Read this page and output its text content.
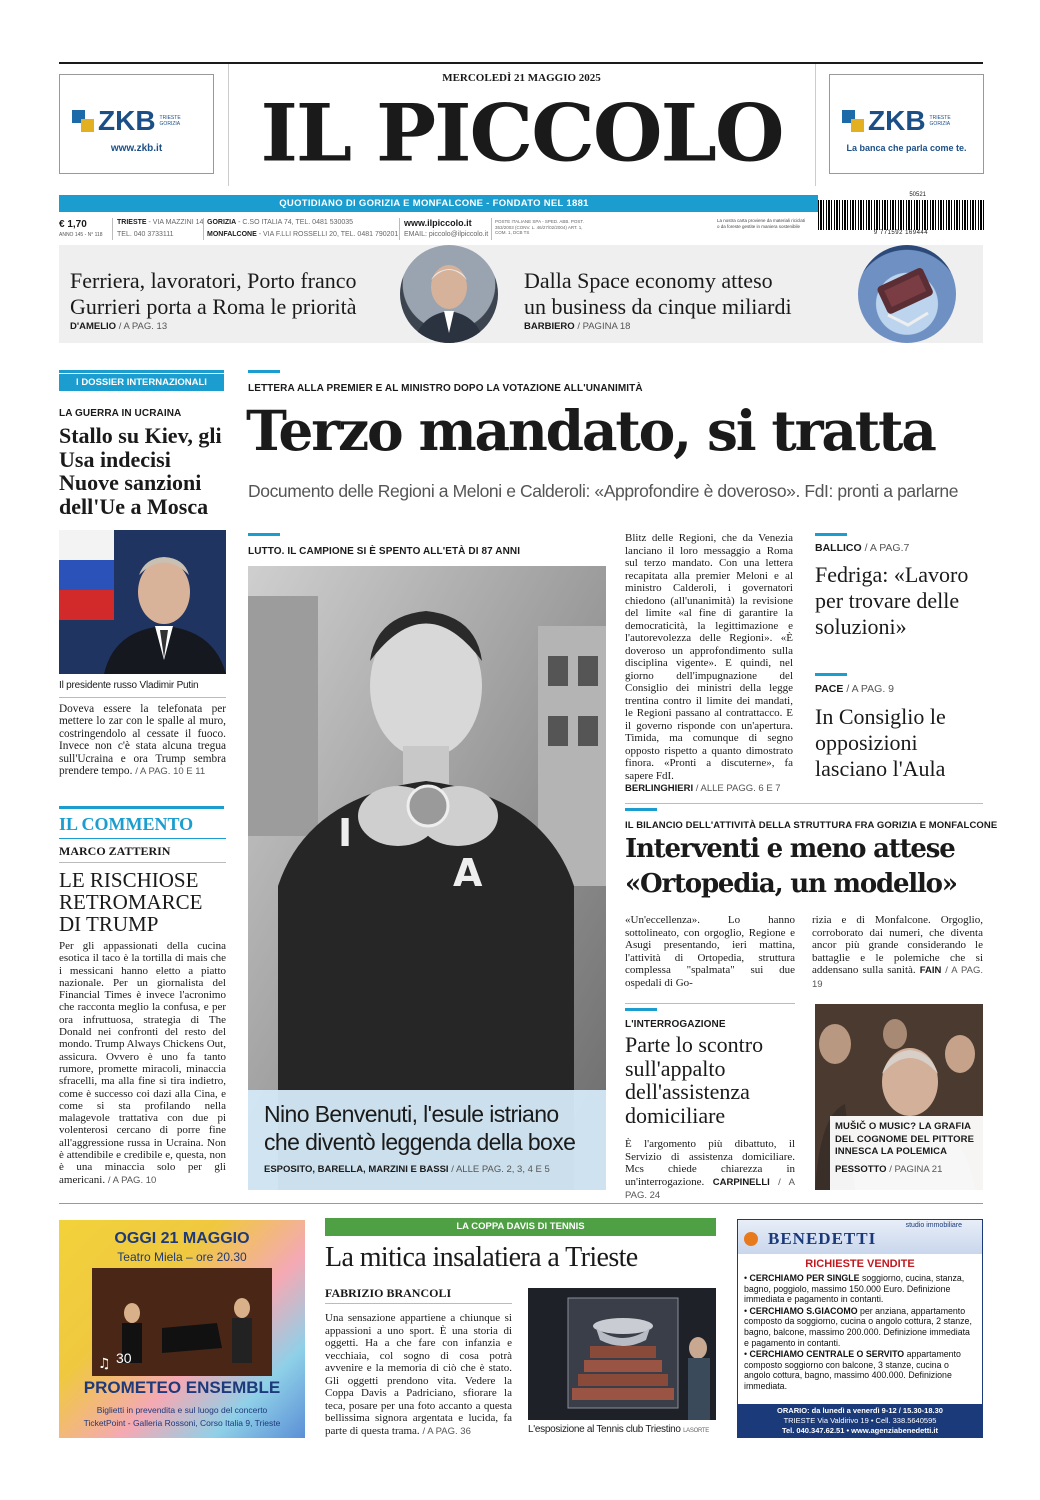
ZKB TRIESTE GORIZIA
www.zkb.it
ZKB TRIESTE GORIZIA
La banca che parla come te.
MERCOLEDÌ 21 MAGGIO 2025
IL PICCOLO
QUOTIDIANO DI GORIZIA E MONFALCONE - FONDATO NEL 1881
€ 1,70
ANNO 145 - N° 118
TRIESTE - VIA MAZZINI 14
TEL. 040 3733111
GORIZIA - C.SO ITALIA 74, TEL. 0481 530035
MONFALCONE - VIA F.LLI ROSSELLI 20, TEL. 0481 790201
www.ilpiccolo.it
EMAIL: piccolo@ilpiccolo.it
POSTE ITALIANE SPA - SPED. ABB. POST. 353/2003 (CONV. L. 46/27/02/2004) ART. 1, COM. 1, DCB TS
La nostra carta proviene da materiali riciclati o da foreste gestite in maniera sostenibile
50521
9 771592 169444
Ferriera, lavoratori, Porto franco
Gurrieri porta a Roma le priorità
D'AMELIO / A PAG. 13
Dalla Space economy atteso
un business da cinque miliardi
BARBIERO / PAGINA 18
I DOSSIER INTERNAZIONALI
LA GUERRA IN UCRAINA
Stallo su Kiev, gli Usa indecisi Nuove sanzioni dell'Ue a Mosca
Il presidente russo Vladimir Putin
Doveva essere la telefonata per mettere lo zar con le spalle al muro, costringendolo al cessate il fuoco. Invece non c'è stata alcuna tregua sull'Ucraina e ora Trump sembra prendere tempo. / A PAG. 10 E 11
IL COMMENTO
MARCO ZATTERIN
LE RISCHIOSE RETROMARCE DI TRUMP
Per gli appassionati della cucina esotica il taco è la tortilla di mais che i messicani hanno eletto a piatto nazionale. Per un giornalista del Financial Times è invece l'acronimo che racconta meglio la confusa, e per ora infruttuosa, strategia di The Donald nei confronti del resto del mondo. Trump Always Chickens Out, assicura. Ovvero è uno fa tanto rumore, promette miracoli, minaccia sfracelli, ma alla fine si tira indietro, come è successo coi dazi alla Cina, e come si sta profilando nella malagevole trattativa con due pi volenterosi cercano di porre fine all'aggressione russa in Ucraina. Non è attendibile e credibile e, questa, non è una minaccia solo per gli americani. / A PAG. 10
LETTERA ALLA PREMIER E AL MINISTRO DOPO LA VOTAZIONE ALL'UNANIMITÀ
Terzo mandato, si tratta
Documento delle Regioni a Meloni e Calderoli: «Approfondire è doveroso». FdI: pronti a parlarne
LUTTO. IL CAMPIONE SI È SPENTO ALL'ETÀ DI 87 ANNI
I
A
Nino Benvenuti, l'esule istriano
che diventò leggenda della boxe
ESPOSITO, BARELLA, MARZINI E BASSI / ALLE PAG. 2, 3, 4 E 5
Blitz delle Regioni, che da Venezia lanciano il loro messaggio a Roma sul terzo mandato. Con una lettera recapitata alla premier Meloni e al ministro Calderoli, i governatori chiedono (all'unanimità) la revisione del limite «al fine di garantire la democraticità, la legittimazione e l'autorevolezza delle Regioni». «È doveroso un approfondimento sulla disciplina vigente». E quindi, nel giorno dell'impugnazione del Consiglio dei ministri della legge trentina contro il limite dei mandati, le Regioni passano al contrattacco. E il governo risponde con un'apertura. Timida, ma comunque di segno opposto rispetto a quanto dimostrato finora. «Pronti a discuterne», fa sapere FdI.
BERLINGHIERI / ALLE PAGG. 6 E 7
BALLICO / A PAG.7
Fedriga: «Lavoro per trovare delle soluzioni»
PACE / A PAG. 9
In Consiglio le opposizioni lasciano l'Aula
IL BILANCIO DELL'ATTIVITÀ DELLA STRUTTURA FRA GORIZIA E MONFALCONE
Interventi e meno attese
«Ortopedia, un modello»
«Un'eccellenza». Lo hanno sottolineato, con orgoglio, Regione e Asugi presentando, ieri mattina, l'attività di Ortopedia, struttura complessa "spalmata" sui due ospedali di Go-
rizia e di Monfalcone. Orgoglio, corroborato dai numeri, che diventa ancor più grande considerando le battaglie e le polemiche che si addensano sulla sanità. FAIN / A PAG. 19
L'INTERROGAZIONE
Parte lo scontro sull'appalto dell'assistenza domiciliare
È l'argomento più dibattuto, il Servizio di assistenza domiciliare. Mcs chiede chiarezza in un'interrogazione. CARPINELLI / A PAG. 24
MUŠIČ O MUSIC? LA GRAFIA DEL COGNOME DEL PITTORE INNESCA LA POLEMICA
PESSOTTO / PAGINA 21
OGGI 21 MAGGIO
Teatro Miela – ore 20.30
♫ 30
PROMETEO ENSEMBLE
Biglietti in prevendita e sul luogo del concerto
TicketPoint - Galleria Rossoni, Corso Italia 9, Trieste
LA COPPA DAVIS DI TENNIS
La mitica insalatiera a Trieste
FABRIZIO BRANCOLI
Una sensazione appartiene a chiunque si appassioni a uno sport. È una storia di oggetti. Ha a che fare con infanzia e vecchiaia, col sogno di cosa potrà avvenire e la memoria di ciò che è stato. Gli oggetti prendono vita. Vedere la Coppa Davis a Padriciano, sfiorare la teca, posare per una foto accanto a questa bellissima signora argentata e lucida, fa parte di questa trama. / A PAG. 36	L'esposizione al Tennis club Triestino LASORTE
studio immobiliare
BENEDETTI
RICHIESTE VENDITE
• CERCHIAMO PER SINGLE soggiorno, cucina, stanza, bagno, poggiolo, massimo 150.000 Euro. Definizione immediata e pagamento in contanti.
• CERCHIAMO S.GIACOMO per anziana, appartamento composto da soggiorno, cucina o angolo cottura, 2 stanze, bagno, balcone, massimo 200.000. Definizione immediata e pagamento in contanti.
• CERCHIAMO CENTRALE O SERVITO appartamento composto soggiorno con balcone, 3 stanze, cucina o angolo cottura, bagno, massimo 400.000. Definizione immediata.
ORARIO: da lunedì a venerdì 9-12 / 15.30-18.30
TRIESTE Via Valdirivo 19 • Cell. 338.5640595
Tel. 040.347.62.51 • www.agenziabenedetti.it
